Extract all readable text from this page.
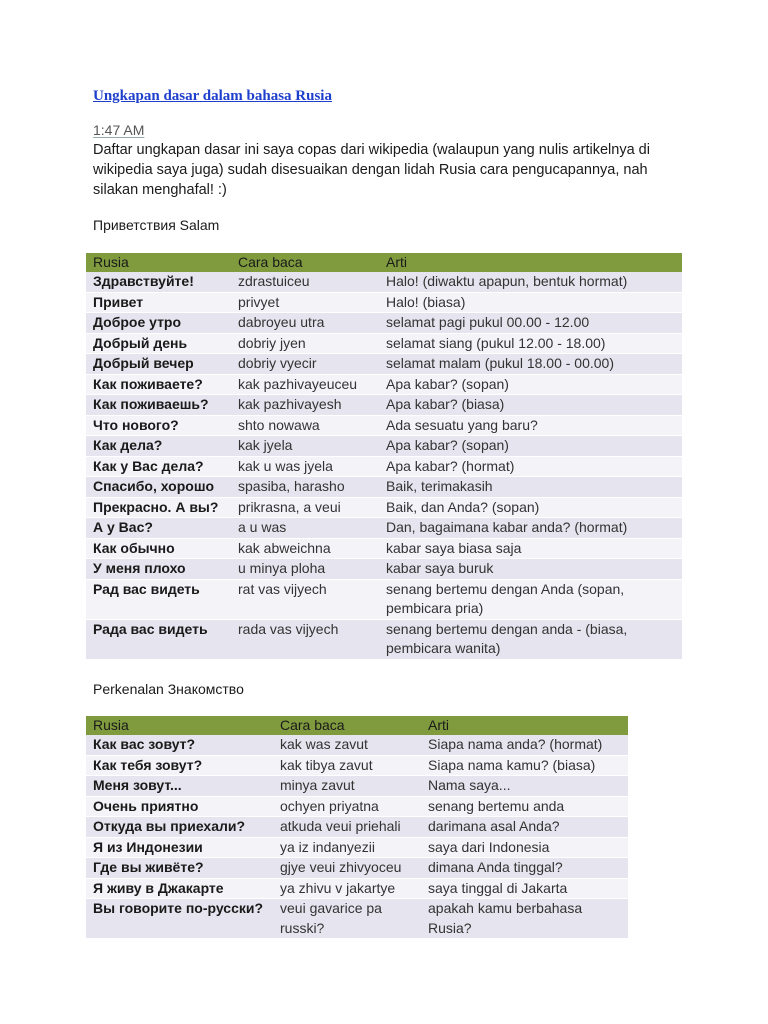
Ungkapan dasar dalam bahasa Rusia
1:47 AM
Daftar ungkapan dasar ini saya copas dari wikipedia (walaupun yang nulis artikelnya di wikipedia saya juga) sudah disesuaikan dengan lidah Rusia cara pengucapannya, nah silakan menghafal! :)
Приветствия Salam
Rusia	Cara baca	Arti
Здравствуйте!	zdrastuiceu	Halo! (diwaktu apapun, bentuk hormat)
Привет	privyet	Halo! (biasa)
Доброе утро	dabroyeu utra	selamat pagi pukul 00.00 - 12.00
Добрый день	dobriy jyen	selamat siang (pukul 12.00 - 18.00)
Добрый вечер	dobriy vyecir	selamat malam (pukul 18.00 - 00.00)
Как поживаете?	kak pazhivayeuceu	Apa kabar? (sopan)
Как поживаешь?	kak pazhivayesh	Apa kabar? (biasa)
Что нового?	shto nowawa	Ada sesuatu yang baru?
Как дела?	kak jyela	Apa kabar? (sopan)
Как у Вас дела?	kak u was jyela	Apa kabar? (hormat)
Спасибо, хорошо	spasiba, harasho	Baik, terimakasih
Прекрасно. А вы?	prikrasna, a veui	Baik, dan Anda? (sopan)
А у Вас?	a u was	Dan, bagaimana kabar anda? (hormat)
Как обычно	kak abweichna	kabar saya biasa saja
У меня плохо	u minya ploha	kabar saya buruk
Рад вас видеть	rat vas vijyech	senang bertemu dengan Anda (sopan, pembicara pria)
Рада вас видеть	rada vas vijyech	senang bertemu dengan anda - (biasa, pembicara wanita)
Perkenalan Знакомство
Rusia	Cara baca	Arti
Как вас зовут?	kak was zavut	Siapa nama anda? (hormat)
Как тебя зовут?	kak tibya zavut	Siapa nama kamu? (biasa)
Меня зовут...	minya zavut	Nama saya...
Очень приятно	ochyen priyatna	senang bertemu anda
Откуда вы приехали?	atkuda veui priehali	darimana asal Anda?
Я из Индонезии	ya iz indanyezii	saya dari Indonesia
Где вы живёте?	gjye veui zhivyoceu	dimana Anda tinggal?
Я живу в Джакарте	ya zhivu v jakartye	saya tinggal di Jakarta
Вы говорите по-русски?	veui gavarice pa russki?	apakah kamu berbahasa Rusia?
